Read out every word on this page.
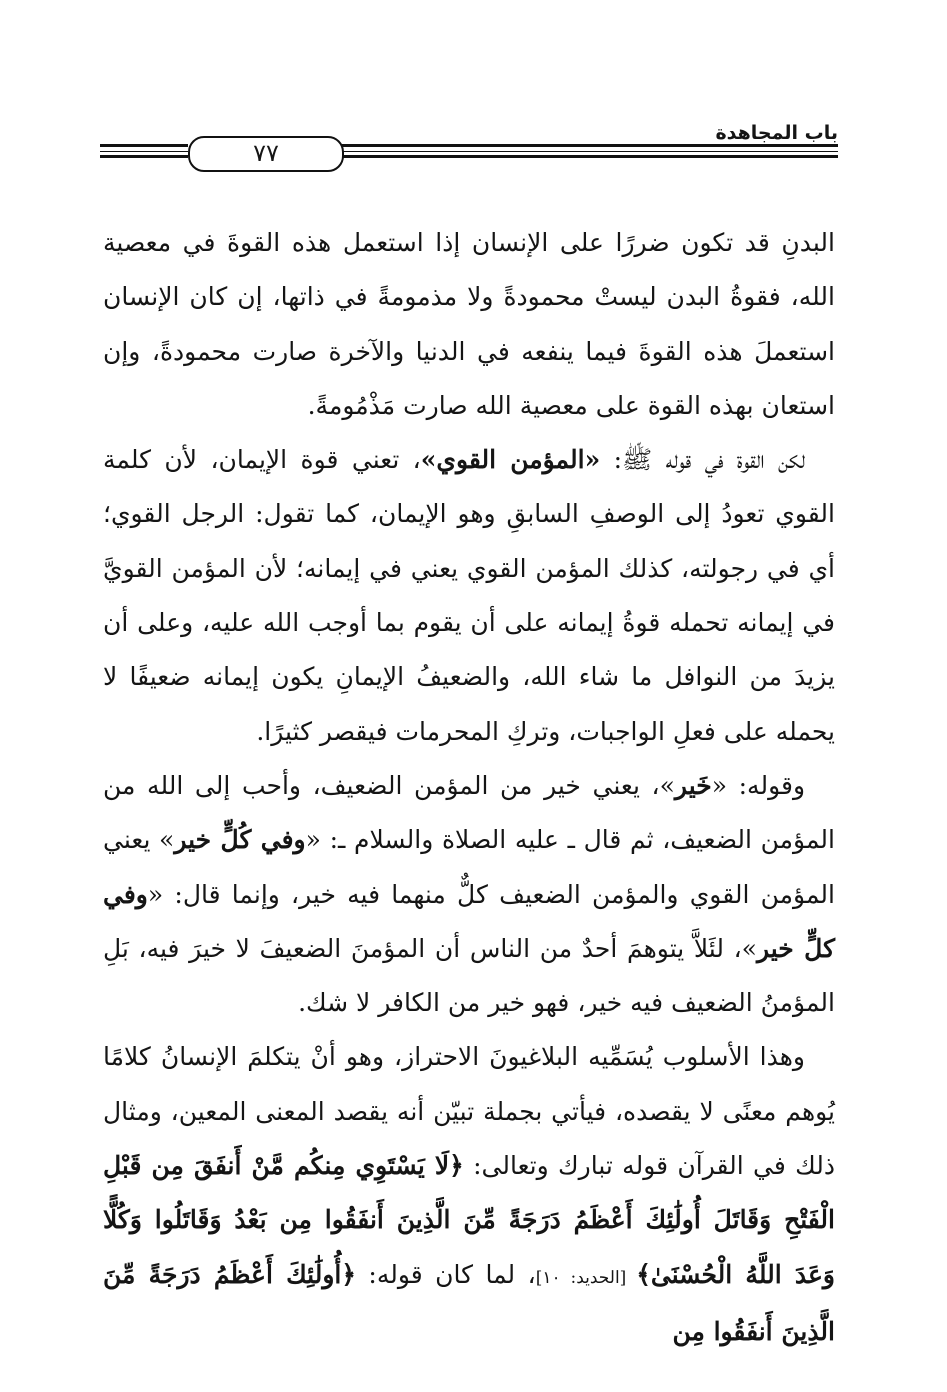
باب المجاهدة
٧٧

البدنِ قد تكون ضررًا على الإنسان إذا استعمل هذه القوةَ في معصية الله، فقوةُ البدن ليستْ محمودةً ولا مذمومةً في ذاتها، إن كان الإنسان استعملَ هذه القوةَ فيما ينفعه في الدنيا والآخرة صارت محمودةً، وإن استعان بهذه القوة على معصية الله صارت مَذْمُومةً.

لكن القوة في قوله ﷺ: «المؤمن القوي»، تعني قوة الإيمان، لأن كلمة القوي تعودُ إلى الوصفِ السابقِ وهو الإيمان، كما تقول: الرجل القوي؛ أي في رجولته، كذلك المؤمن القوي يعني في إيمانه؛ لأن المؤمن القويَّ في إيمانه تحمله قوةُ إيمانه على أن يقوم بما أوجب الله عليه، وعلى أن يزيدَ من النوافل ما شاء الله، والضعيفُ الإيمانِ يكون إيمانه ضعيفًا لا يحمله على فعلِ الواجبات، وتركِ المحرمات فيقصر كثيرًا.

وقوله: «خَير»، يعني خير من المؤمن الضعيف، وأحب إلى الله من المؤمن الضعيف، ثم قال ـ عليه الصلاة والسلام ـ: «وفي كُلٍّ خير» يعني المؤمن القوي والمؤمن الضعيف كلٌّ منهما فيه خير، وإنما قال: «وفي كلٍّ خير»، لئَلاَّ يتوهمَ أحدٌ من الناس أن المؤمنَ الضعيفَ لا خيرَ فيه، بَلِ المؤمنُ الضعيف فيه خير، فهو خير من الكافر لا شك.

وهذا الأسلوب يُسَمِّيه البلاغيونَ الاحتراز، وهو أنْ يتكلمَ الإنسانُ كلامًا يُوهم معنًى لا يقصده، فيأتي بجملة تبيّن أنه يقصد المعنى المعين، ومثال ذلك في القرآن قوله تبارك وتعالى: ﴿لَا يَسْتَوِي مِنكُم مَّنْ أَنفَقَ مِن قَبْلِ الْفَتْحِ وَقَاتَلَ أُولَٰئِكَ أَعْظَمُ دَرَجَةً مِّنَ الَّذِينَ أَنفَقُوا مِن بَعْدُ وَقَاتَلُوا وَكُلًّا وَعَدَ اللَّهُ الْحُسْنَىٰ﴾ [الحديد: ١٠]، لما كان قوله: ﴿أُولَٰئِكَ أَعْظَمُ دَرَجَةً مِّنَ الَّذِينَ أَنفَقُوا مِن
